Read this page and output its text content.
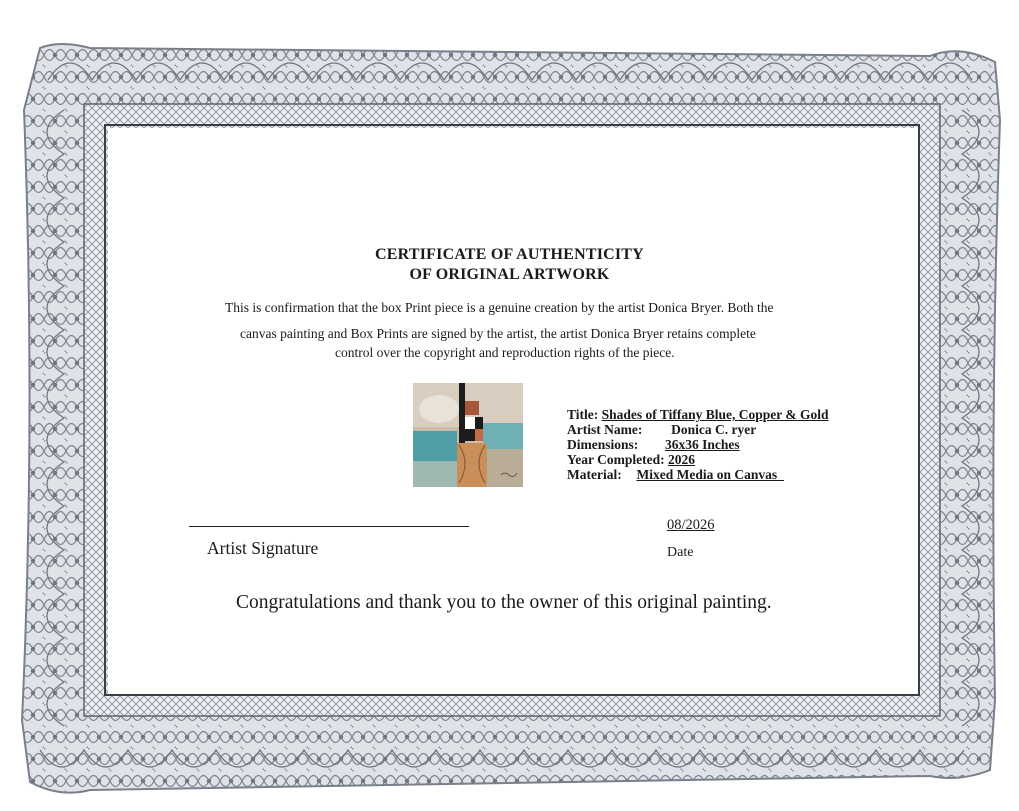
CERTIFICATE OF AUTHENTICITY
OF ORIGINAL ARTWORK
This is confirmation that the box Print piece is a genuine creation by the artist Donica Bryer. Both the
canvas painting and Box Prints are signed by the artist, the artist Donica Bryer retains complete
control over the copyright and reproduction rights of the piece.
Title: Shades of Tiffany Blue, Copper & Gold
Artist Name: Donica C. ryer
Dimensions: 36x36 Inches
Year Completed: 2026
Material: Mixed Media on Canvas_
Artist Signature
08/2026
Date
Congratulations and thank you to the owner of this original painting.
